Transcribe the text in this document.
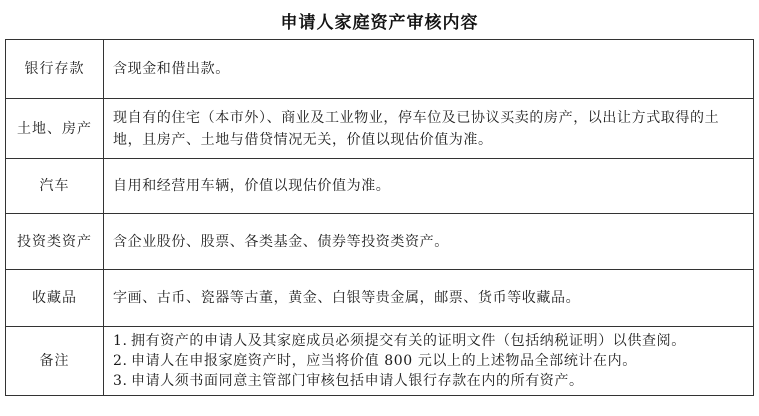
申请人家庭资产审核内容
银行存款	含现金和借出款。
土地、房产	现自有的住宅（本市外）、商业及工业物业，停车位及已协议买卖的房产，以出让方式取得的土地，且房产、土地与借贷情况无关，价值以现估价值为准。
汽车	自用和经营用车辆，价值以现估价值为准。
投资类资产	含企业股份、股票、各类基金、债券等投资类资产。
收藏品	字画、古币、瓷器等古董，黄金、白银等贵金属，邮票、货币等收藏品。
备注	1. 拥有资产的申请人及其家庭成员必须提交有关的证明文件（包括纳税证明）以供查阅。
2. 申请人在申报家庭资产时，应当将价值 800 元以上的上述物品全部统计在内。
3. 申请人须书面同意主管部门审核包括申请人银行存款在内的所有资产。
